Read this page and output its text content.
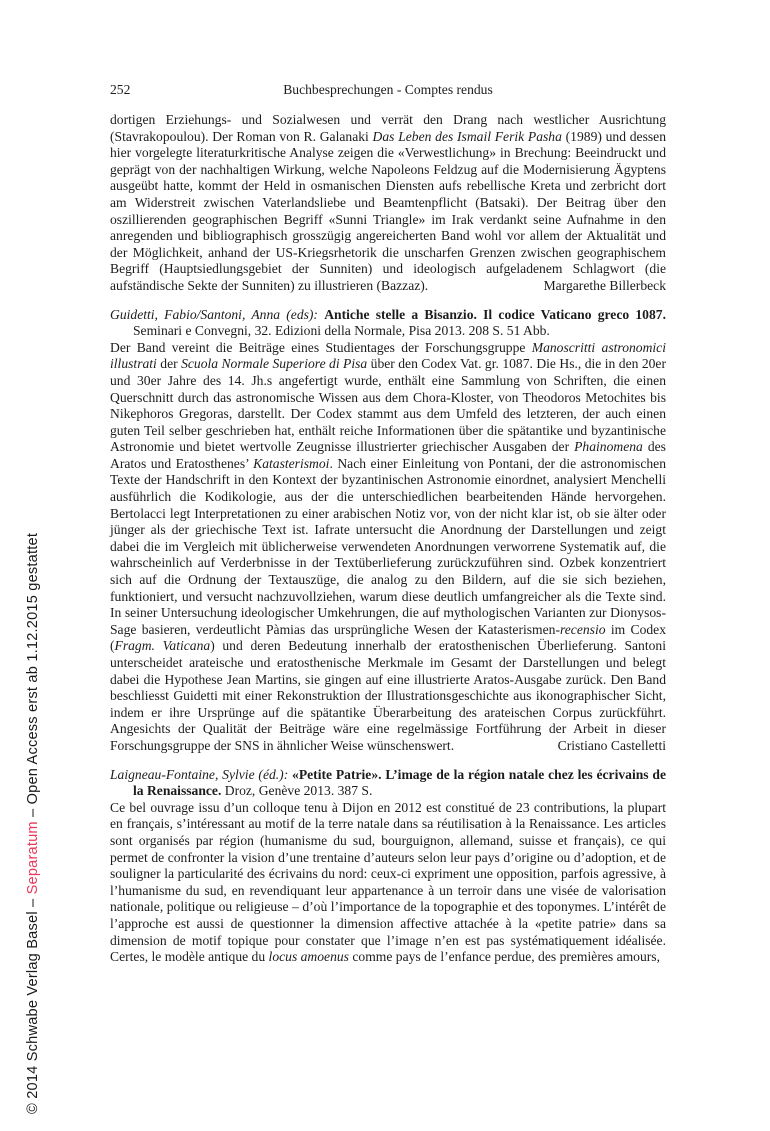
© 2014 Schwabe Verlag Basel – Separatum – Open Access erst ab 1.12.2015 gestattet
252	Buchbesprechungen - Comptes rendus

dortigen Erziehungs- und Sozialwesen und verrät den Drang nach westlicher Ausrichtung (Stavrakopoulou). Der Roman von R. Galanaki Das Leben des Ismail Ferik Pasha (1989) und dessen hier vorgelegte literaturkritische Analyse zeigen die «Verwestlichung» in Brechung: Beeindruckt und geprägt von der nachhaltigen Wirkung, welche Napoleons Feldzug auf die Modernisierung Ägyptens ausgeübt hatte, kommt der Held in osmanischen Diensten aufs rebellische Kreta und zerbricht dort am Widerstreit zwischen Vaterlandsliebe und Beamtenpflicht (Batsaki). Der Beitrag über den oszillierenden geographischen Begriff «Sunni Triangle» im Irak verdankt seine Aufnahme in den anregenden und bibliographisch grosszügig angereicherten Band wohl vor allem der Aktualität und der Möglichkeit, anhand der US-Kriegsrhetorik die unscharfen Grenzen zwischen geographischem Begriff (Hauptsiedlungsgebiet der Sunniten) und ideologisch aufgeladenem Schlagwort (die aufständische Sekte der Sunniten) zu illustrieren (Bazzaz).	Margarethe Billerbeck

Guidetti, Fabio/Santoni, Anna (eds): Antiche stelle a Bisanzio. Il codice Vaticano greco 1087. Seminari e Convegni, 32. Edizioni della Normale, Pisa 2013. 208 S. 51 Abb.

Der Band vereint die Beiträge eines Studientages der Forschungsgruppe Manoscritti astronomici illustrati der Scuola Normale Superiore di Pisa über den Codex Vat. gr. 1087. Die Hs., die in den 20er und 30er Jahre des 14. Jh.s angefertigt wurde, enthält eine Sammlung von Schriften, die einen Querschnitt durch das astronomische Wissen aus dem Chora-Kloster, von Theodoros Metochites bis Nikephoros Gregoras, darstellt. Der Codex stammt aus dem Umfeld des letzteren, der auch einen guten Teil selber geschrieben hat, enthält reiche Informationen über die spätantike und byzantinische Astronomie und bietet wertvolle Zeugnisse illustrierter griechischer Ausgaben der Phainomena des Aratos und Eratosthenes’ Katasterismoi. Nach einer Einleitung von Pontani, der die astronomischen Texte der Handschrift in den Kontext der byzantinischen Astronomie einordnet, analysiert Menchelli ausführlich die Kodikologie, aus der die unterschiedlichen bearbeitenden Hände hervorgehen. Bertolacci legt Interpretationen zu einer arabischen Notiz vor, von der nicht klar ist, ob sie älter oder jünger als der griechische Text ist. Iafrate untersucht die Anordnung der Darstellungen und zeigt dabei die im Vergleich mit üblicherweise verwendeten Anordnungen verworrene Systematik auf, die wahrscheinlich auf Verderbnisse in der Textüberlieferung zurückzuführen sind. Ozbek konzentriert sich auf die Ordnung der Textauszüge, die analog zu den Bildern, auf die sie sich beziehen, funktioniert, und versucht nachzuvollziehen, warum diese deutlich umfangreicher als die Texte sind. In seiner Untersuchung ideologischer Umkehrungen, die auf mythologischen Varianten zur Dionysos-Sage basieren, verdeutlicht Pàmias das ursprüngliche Wesen der Katasterismen-recensio im Codex (Fragm. Vaticana) und deren Bedeutung innerhalb der eratosthenischen Überlieferung. Santoni unterscheidet arateische und eratosthenische Merkmale im Gesamt der Darstellungen und belegt dabei die Hypothese Jean Martins, sie gingen auf eine illustrierte Aratos-Ausgabe zurück. Den Band beschliesst Guidetti mit einer Rekonstruktion der Illustrationsgeschichte aus ikonographischer Sicht, indem er ihre Ursprünge auf die spätantike Überarbeitung des arateischen Corpus zurückführt. Angesichts der Qualität der Beiträge wäre eine regelmässige Fortführung der Arbeit in dieser Forschungsgruppe der SNS in ähnlicher Weise wünschenswert.	Cristiano Castelletti

Laigneau-Fontaine, Sylvie (éd.): «Petite Patrie». L’image de la région natale chez les écrivains de la Renaissance. Droz, Genève 2013. 387 S.

Ce bel ouvrage issu d’un colloque tenu à Dijon en 2012 est constitué de 23 contributions, la plupart en français, s’intéressant au motif de la terre natale dans sa réutilisation à la Renaissance. Les articles sont organisés par région (humanisme du sud, bourguignon, allemand, suisse et français), ce qui permet de confronter la vision d’une trentaine d’auteurs selon leur pays d’origine ou d’adoption, et de souligner la particularité des écrivains du nord: ceux-ci expriment une opposition, parfois agressive, à l’humanisme du sud, en revendiquant leur appartenance à un terroir dans une visée de valorisation nationale, politique ou religieuse – d’où l’importance de la topographie et des toponymes. L’intérêt de l’approche est aussi de questionner la dimension affective attachée à la «petite patrie» dans sa dimension de motif topique pour constater que l’image n’en est pas systématiquement idéalisée. Certes, le modèle antique du locus amoenus comme pays de l’enfance perdue, des premières amours,
